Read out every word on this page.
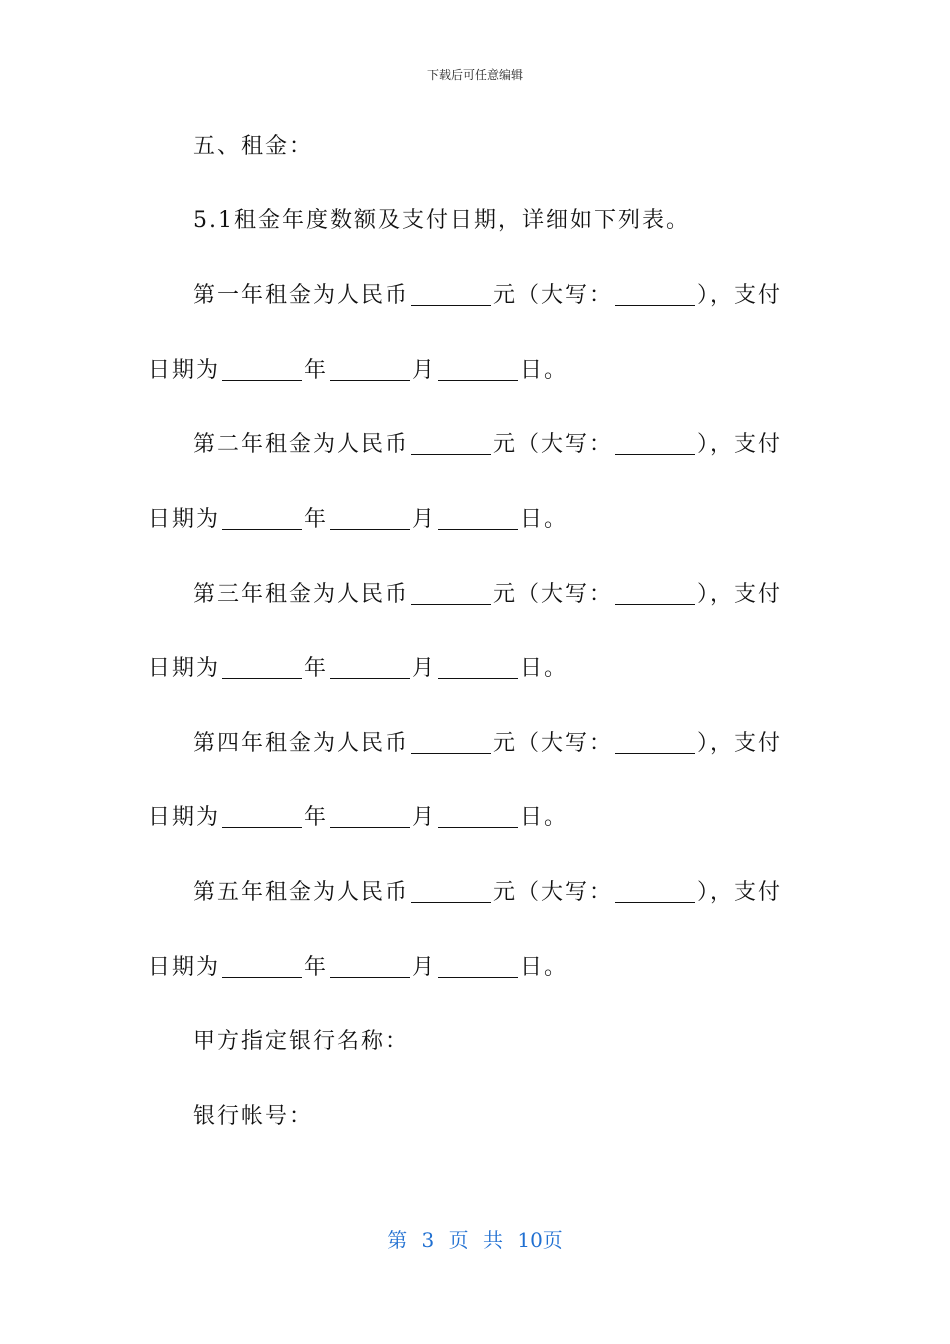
下载后可任意编辑
五、租金：
5.1租金年度数额及支付日期，详细如下列表。
第一年租金为人民币	元（大写：	），支付
日期为	年	月	日。
第二年租金为人民币	元（大写：	），支付
日期为	年	月	日。
第三年租金为人民币	元（大写：	），支付
日期为	年	月	日。
第四年租金为人民币	元（大写：	），支付
日期为	年	月	日。
第五年租金为人民币	元（大写：	），支付
日期为	年	月	日。
甲方指定银行名称：
银行帐号：
第 3 页 共 10页
